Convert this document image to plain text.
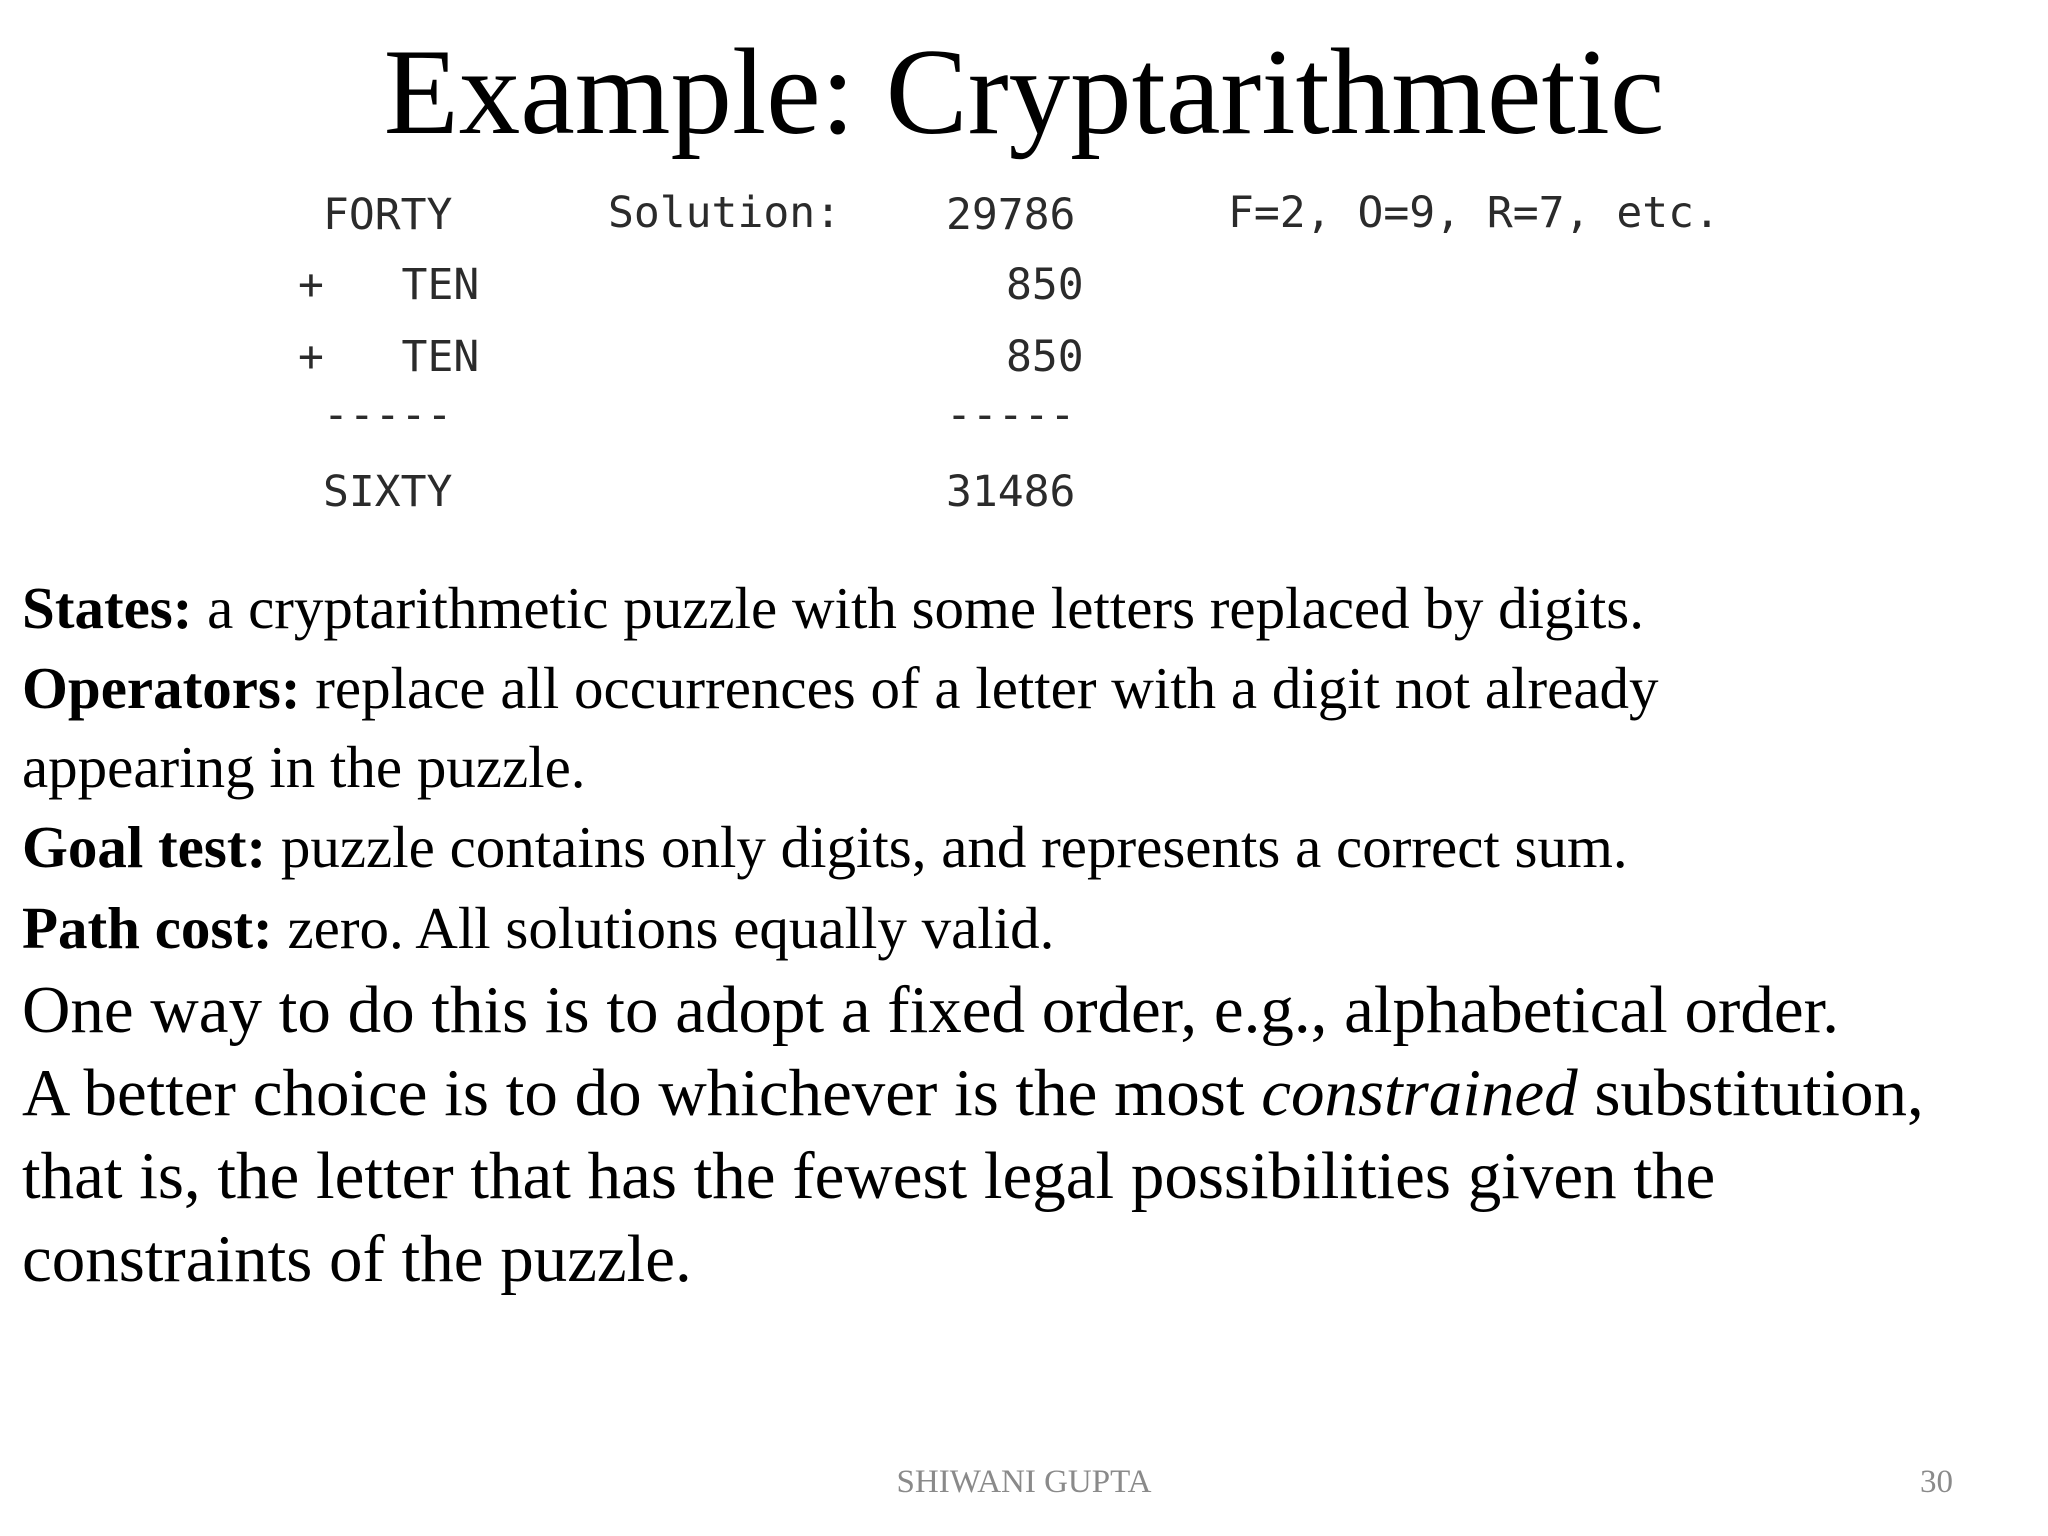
Example: Cryptarithmetic
FORTY
+   TEN
+   TEN
-----
SIXTY
Solution: 29786
850
850
-----
31486
F=2, O=9, R=7, etc.

States: a cryptarithmetic puzzle with some letters replaced by digits.

Operators: replace all occurrences of a letter with a digit not already

appearing in the puzzle.

Goal test: puzzle contains only digits, and represents a correct sum.

Path cost: zero. All solutions equally valid.

One way to do this is to adopt a fixed order, e.g., alphabetical order.

A better choice is to do whichever is the most constrained substitution,

that is, the letter that has the fewest legal possibilities given the

constraints of the puzzle.

SHIWANI GUPTA	30
